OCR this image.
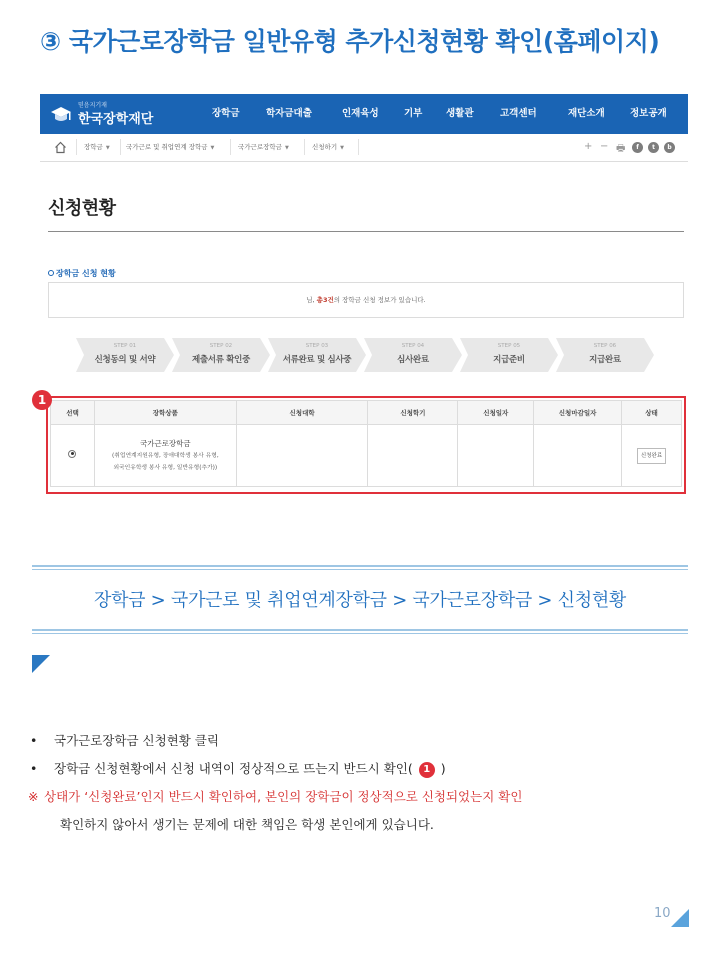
③ 국가근로장학금 일반유형 추가신청현황 확인(홈페이지)
믿음지기재
한국장학재단	장학금	학자금대출	인재육성	기부 생활관	고객센터	재단소개	정보공개
장학금 ▼	국가근로 및 취업연계 장학금 ▼	국가근로장학금 ▼	신청하기 ▼	+ − 🖶	f	t	b
신청현황
장학금 신청 현황
님, 총3건의 장학금 신청 정보가 있습니다.
STEP 01
신청동의 및 서약
STEP 02
제출서류 확인중
STEP 03
서류완료 및 심사중
STEP 04
심사완료
STEP 05
지급준비
STEP 06
지급완료
선택	장학상품	신청대학	신청학기	신청일자	신청마감일자	상태

	국가근로장학금
(취업연계지원유형, 장애대학생 봉사 유형,
외국인유학생 봉사 유형, 일반유형(추가))					신청완료
1
장학금 > 국가근로 및 취업연계장학금 > 국가근로장학금 > 신청현황
• 국가근로장학금 신청현황 클릭
• 장학금 신청현황에서 신청 내역이 정상적으로 뜨는지 반드시 확인( 1 )
※ 상태가 ‘신청완료’인지 반드시 확인하여, 본인의 장학금이 정상적으로 신청되었는지 확인
확인하지 않아서 생기는 문제에 대한 책임은 학생 본인에게 있습니다.
10
